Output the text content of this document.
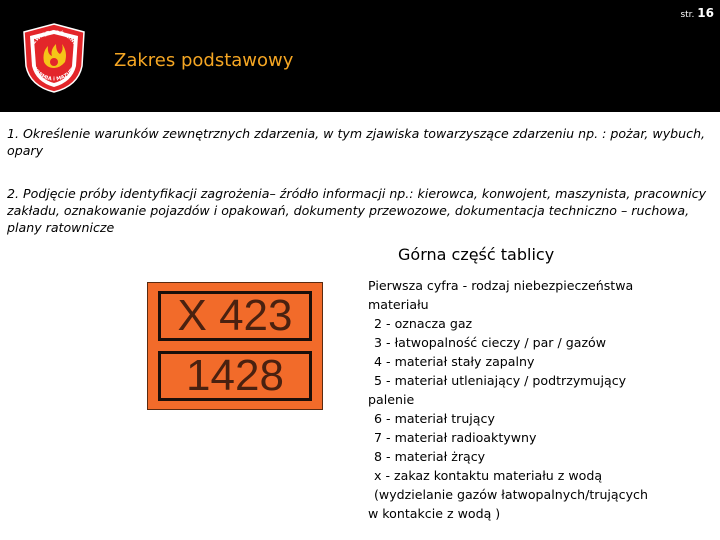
str. 16
ZWIĄZ POŻARNI
WARMIA i MAZURY Zakres podstawowy
1. Określenie warunków zewnętrznych zdarzenia, w tym zjawiska towarzyszące zdarzeniu np. : pożar, wybuch, opary
2. Podjęcie próby identyfikacji zagrożenia– źródło informacji np.: kierowca, konwojent, maszynista, pracownicy zakładu, oznakowanie pojazdów i opakowań, dokumenty przewozowe, dokumentacja techniczno – ruchowa, plany ratownicze
Górna część tablicy
X 423
1428
Pierwsza cyfra - rodzaj niebezpieczeństwa
materiału
2 - oznacza gaz
3 - łatwopalność cieczy / par / gazów
4 - materiał stały zapalny
5 - materiał utleniający / podtrzymujący
palenie
6 - materiał trujący
7 - materiał radioaktywny
8 - materiał żrący
x - zakaz kontaktu materiału z wodą
(wydzielanie gazów łatwopalnych/trujących
w kontakcie z wodą )
